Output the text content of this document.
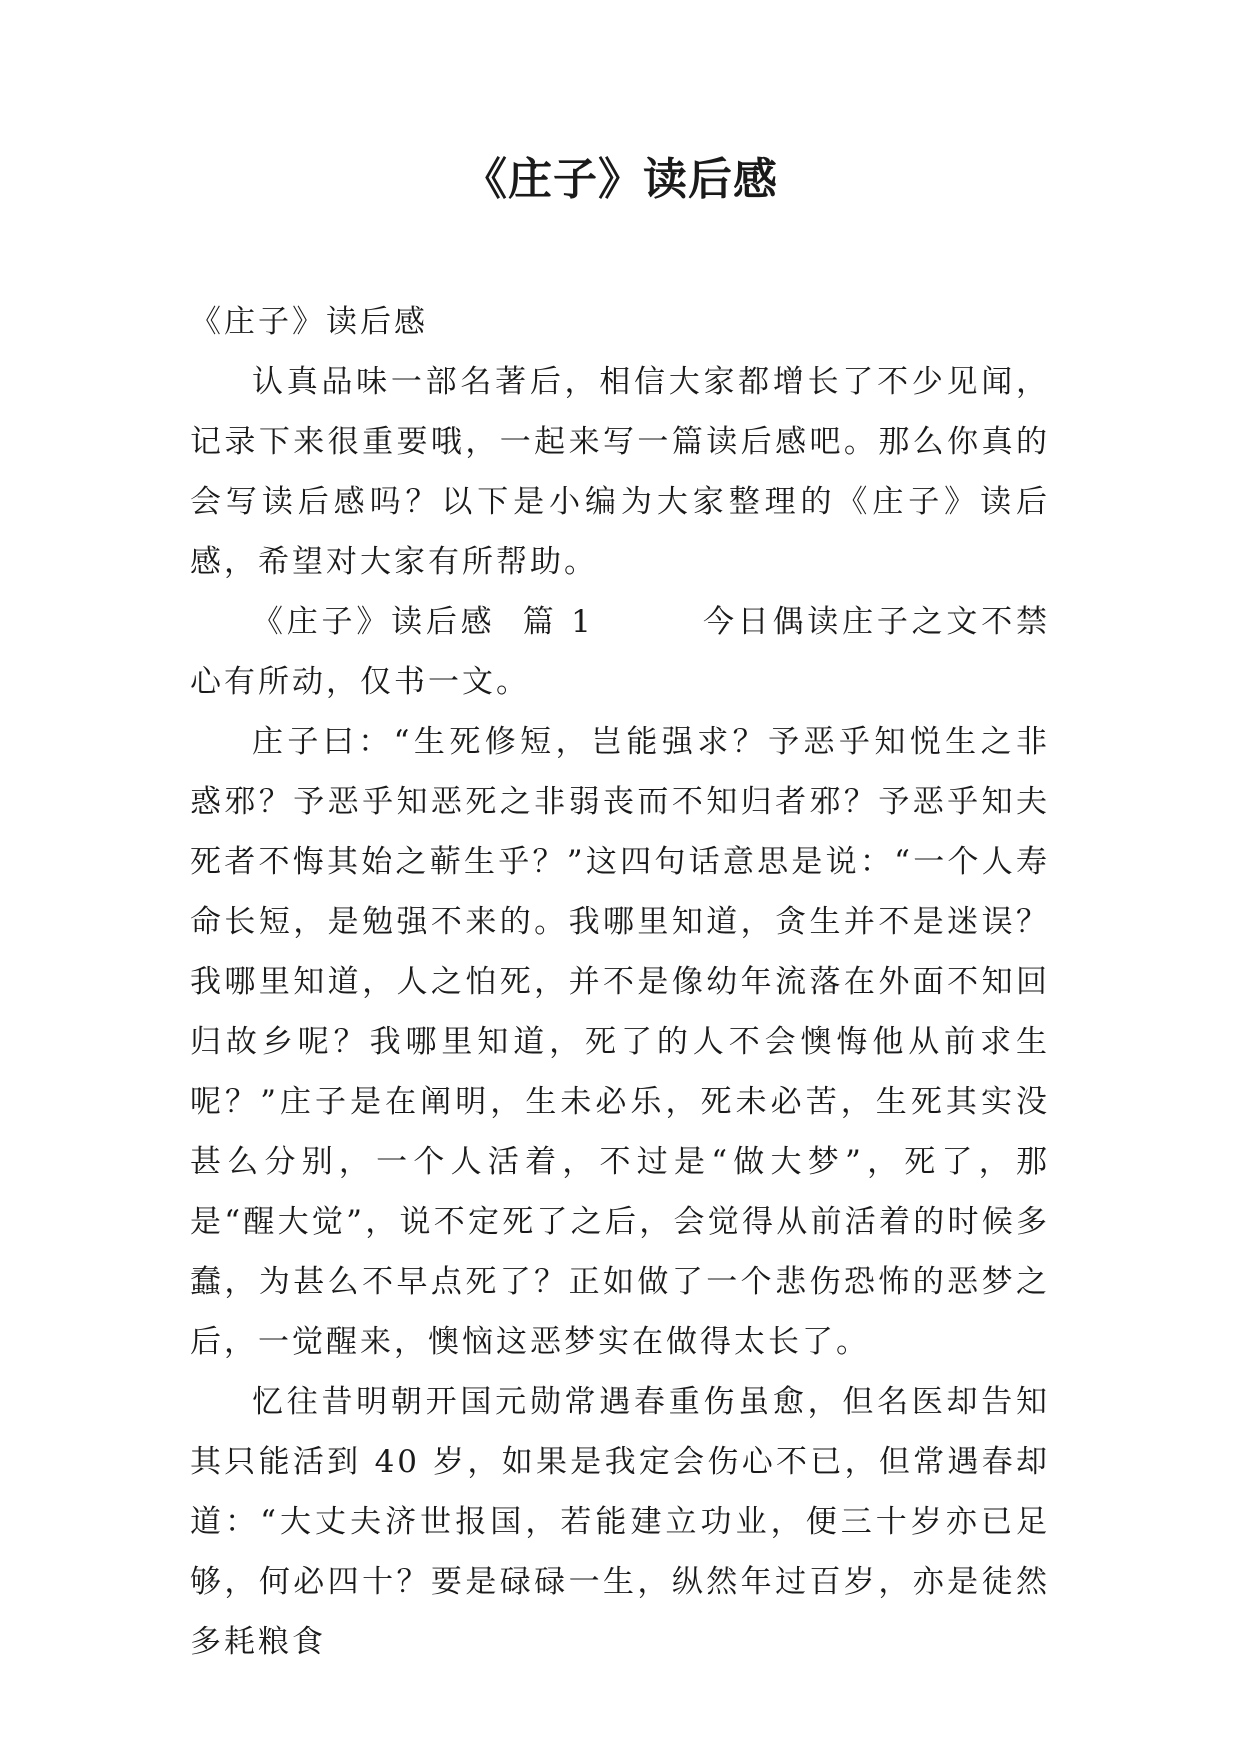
《庄子》读后感

《庄子》读后感

认真品味一部名著后，相信大家都增长了不少见闻，记录下来很重要哦，一起来写一篇读后感吧。那么你真的会写读后感吗？以下是小编为大家整理的《庄子》读后感，希望对大家有所帮助。

《庄子》读后感  篇 1        今日偶读庄子之文不禁心有所动，仅书一文。

庄子曰：“生死修短，岂能强求？予恶乎知悦生之非惑邪？予恶乎知恶死之非弱丧而不知归者邪？予恶乎知夫死者不悔其始之蕲生乎？”这四句话意思是说：“一个人寿命长短，是勉强不来的。我哪里知道，贪生并不是迷误？我哪里知道，人之怕死，并不是像幼年流落在外面不知回归故乡呢？我哪里知道，死了的人不会懊悔他从前求生呢？”庄子是在阐明，生未必乐，死未必苦，生死其实没甚么分别，一个人活着，不过是“做大梦”，死了，那是“醒大觉”，说不定死了之后，会觉得从前活着的时候多蠢，为甚么不早点死了？正如做了一个悲伤恐怖的恶梦之后，一觉醒来，懊恼这恶梦实在做得太长了。

忆往昔明朝开国元勋常遇春重伤虽愈，但名医却告知其只能活到 40 岁，如果是我定会伤心不已，但常遇春却道：“大丈夫济世报国，若能建立功业，便三十岁亦已足够，何必四十？要是碌碌一生，纵然年过百岁，亦是徒然多耗粮食
